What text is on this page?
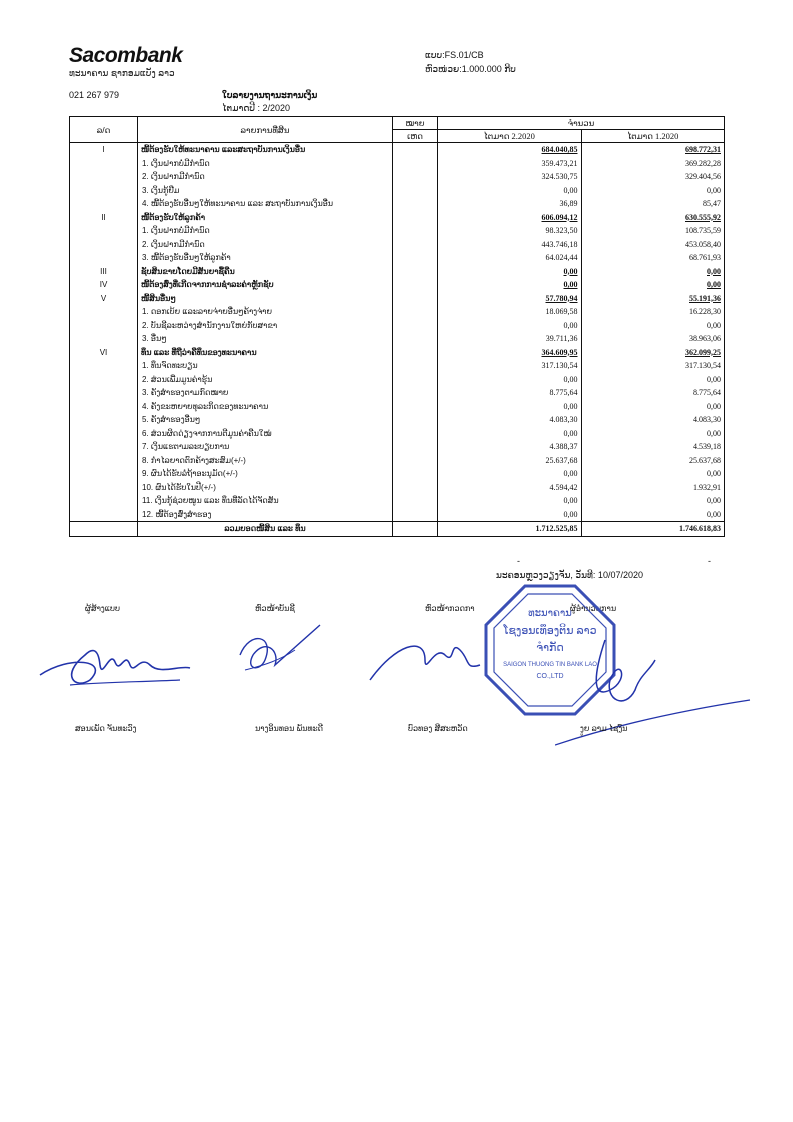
Sacombank
ທະນາຄານ ຊາກອມແບັງ ລາວ
ແບບ:FS.01/CB
ຫົວໜ່ວຍ:1.000.000 ກີບ
021 267 979	ໃບລາຍງານຖານະການເງິນ
ໄຕມາດປີ : 2/2020
ລ/ດ	ລາຍການທີ່ສິນ	ໝາຍ	ຈຳນວນ	
		ເຫດ	ໄຕມາດ 2.2020	ໄຕມາດ 1.2020
I	ໜີ້ຕ້ອງຮັບໃຫ້ທະນາຄານ ແລະສະຖາບັນການເງິນອື່ນ		684.040,85	698.772,31
	1. ເງິນຝາກບໍ່ມີກຳນົດ		359.473,21	369.282,28
	2. ເງິນຝາກມີກຳນົດ		324.530,75	329.404,56
	3. ເງິນກູ້ຢືມ		0,00	0,00
	4. ໜີ້ຕ້ອງຮັບອື່ນໆໃຫ້ທະນາຄານ ແລະ ສະຖາບັນການເງິນອື່ນ		36,89	85,47
II	ໜີ້ຕ້ອງຮັບໃຫ້ລູກຄ້າ		606.094,12	630.555,92
	1. ເງິນຝາກບໍ່ມີກຳນົດ		98.323,50	108.735,59
	2. ເງິນຝາກມີກຳນົດ		443.746,18	453.058,40
	3. ໜີ້ຕ້ອງຮັບອື່ນໆໃຫ້ລູກຄ້າ		64.024,44	68.761,93
III	ຊັບສິນຂາຍໂດຍມີສັນຍາຊື້ຄືນ		0,00	0,00
IV	ໜີ້ຕ້ອງສົ່ງທີ່ເກີດຈາກການຊຳລະຄ່າຫຼັກຊັບ		0,00	0,00
V	ໜີ້ສິນອື່ນໆ		57.780,94	55.191,36
	1. ດອກເບ້ຍ ແລະລາຍຈ່າຍອື່ນໆຄ້າງຈ່າຍ		18.069,58	16.228,30
	2. ບັນຊີລະຫວ່າງສຳນັກງານໃຫຍ່ກັບສາຂາ		0,00	0,00
	3. ອື່ນໆ		39.711,36	38.963,06
VI	ທຶນ ແລະ ທີ່ຖືວ່າຄືທຶນຂອງທະນາຄານ		364.609,95	362.099,25
	1. ທຶນຈົດທະບຽນ		317.130,54	317.130,54
	2. ສ່ວນເພີ່ມມູນຄ່າຮຸ້ນ		0,00	0,00
	3. ຄັງສຳຮອງຕາມກົດໝາຍ		8.775,64	8.775,64
	4. ຄັງຂະຫຍາຍທຸລະກິດຂອງທະນາຄານ		0,00	0,00
	5. ຄັງສຳຮອງອື່ນໆ		4.083,30	4.083,30
	6. ສ່ວນຜິດດ່ຽງຈາກການຕີມູນຄ່າຄືນໃໝ່		0,00	0,00
	7. ເງິນແຮຕາມລະບຽບການ		4.388,37	4.539,18
	8. ກຳໄລຍາດຕົກຄ້າງສະສົມ(+/-)		25.637,68	25.637,68
	9. ຜົນໄດ້ຮັບລໍຖ້າອະນຸມັດ(+/-)		0,00	0,00
	10. ຜົນໄດ້ຮັບໃນປີ(+/-)		4.594,42	1.932,91
	11. ເງິນກູ້ຊ່ວຍໜູນ ແລະ ທຶນທີ່ລັດໄດ້ຈັດສັນ		0,00	0,00
	12. ໜີ້ຕ້ອງສົ່ງສຳຮອງ		0,00	0,00
	ລວມຍອດໜີ້ສິນ ແລະ ທຶນ		1.712.525,85	1.746.618,83
-	-
ນະຄອນຫຼວງວຽງຈັນ, ວັນທີ: 10/07/2020
ຜູ້ສ້າງແບບ	ຫົວໜ້າບັນຊີ	ຫົວໜ້າກວດກາ	ຜູ້ອຳນວຍການ
ທະນາຄານ
ໂຊງອນເທຶອງຕິນ ລາວ
ຈຳກັດ
SAIGON THUONG TIN BANK LAO
CO.,LTD
ສອນເພັດ ຈັນທະວົງ	ນາງອິນທອນ ພັນທະດີ	ບົວທອງ ສີສະຫວັດ	ງູຍ ລາມ ໄຊງົນ
